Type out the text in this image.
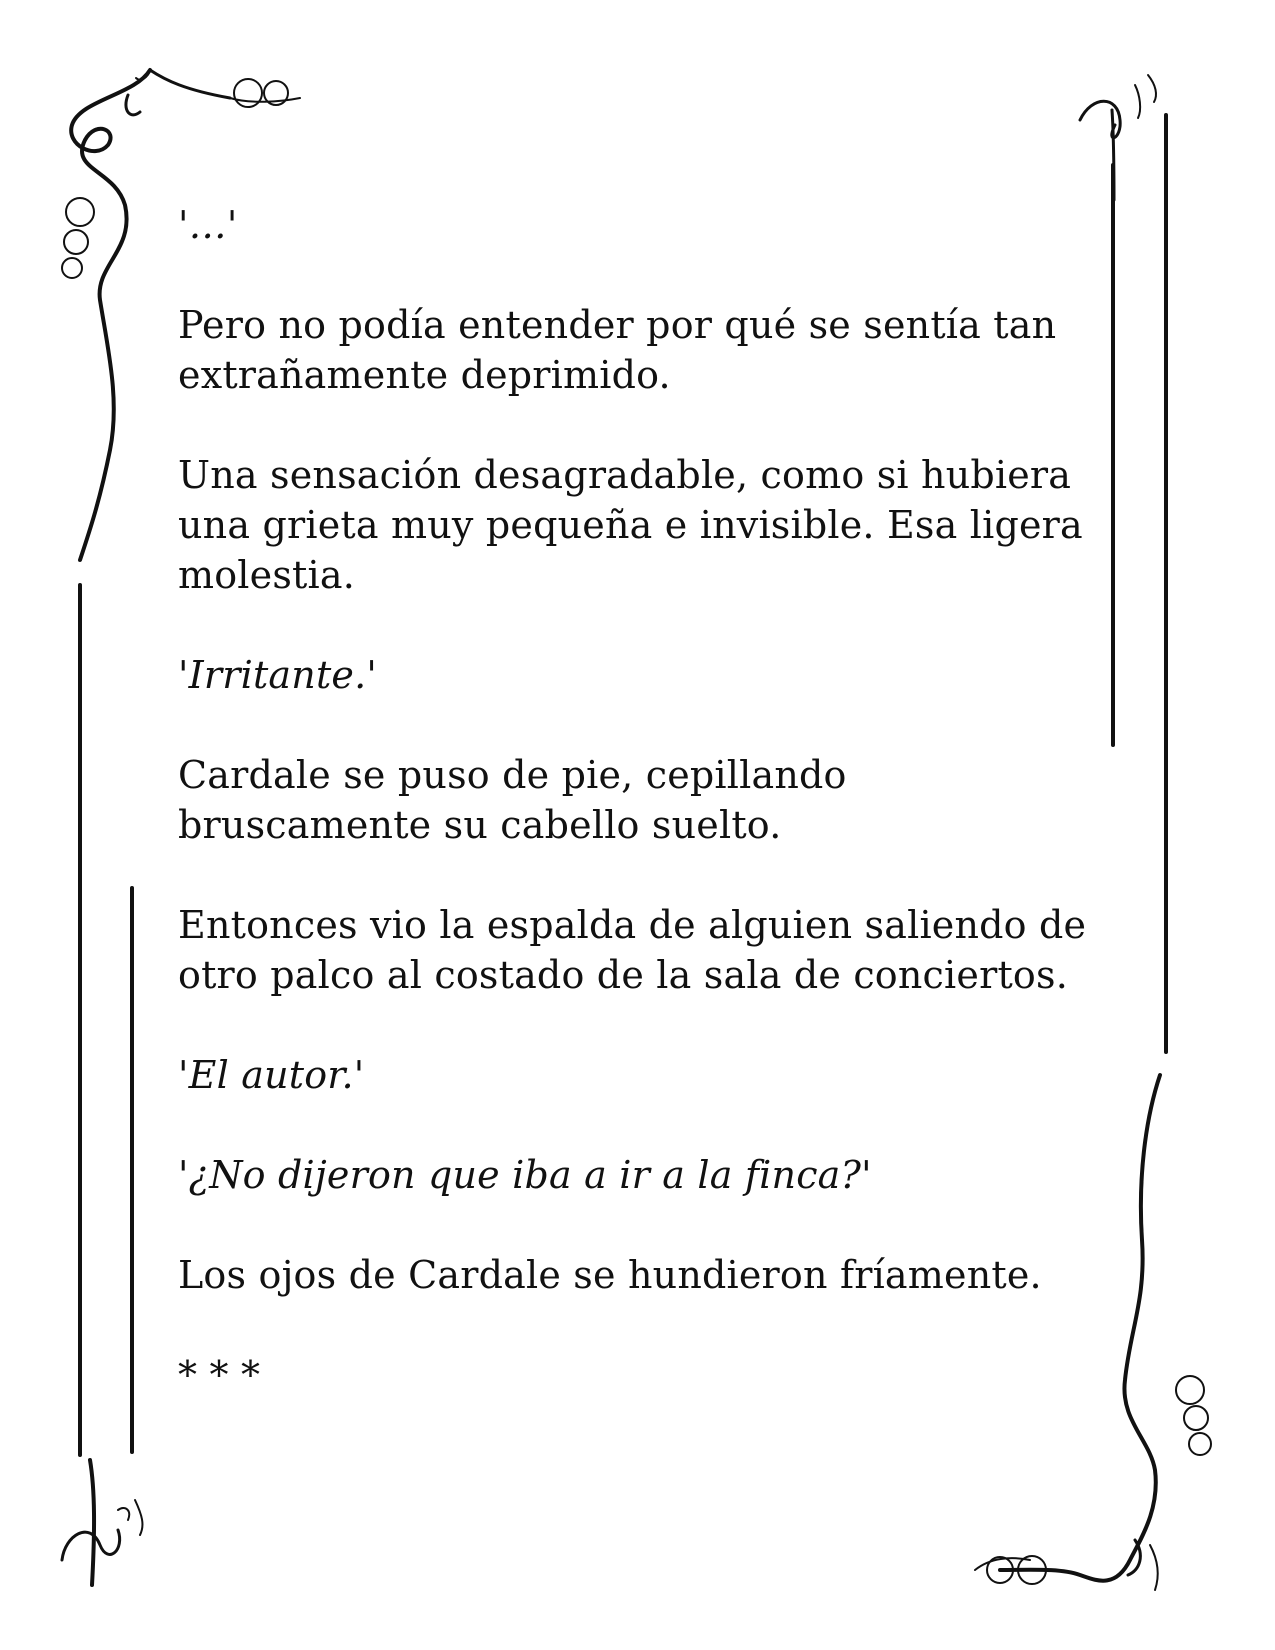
'…'

Pero no podía entender por qué se sentía tan extrañamente deprimido.

Una sensación desagradable, como si hubiera una grieta muy pequeña e invisible. Esa ligera molestia.

'Irritante.'

Cardale se puso de pie, cepillando bruscamente su cabello suelto.

Entonces vio la espalda de alguien saliendo de otro palco al costado de la sala de conciertos.

'El autor.'

'¿No dijeron que iba a ir a la finca?'

Los ojos de Cardale se hundieron fríamente.

* * *
